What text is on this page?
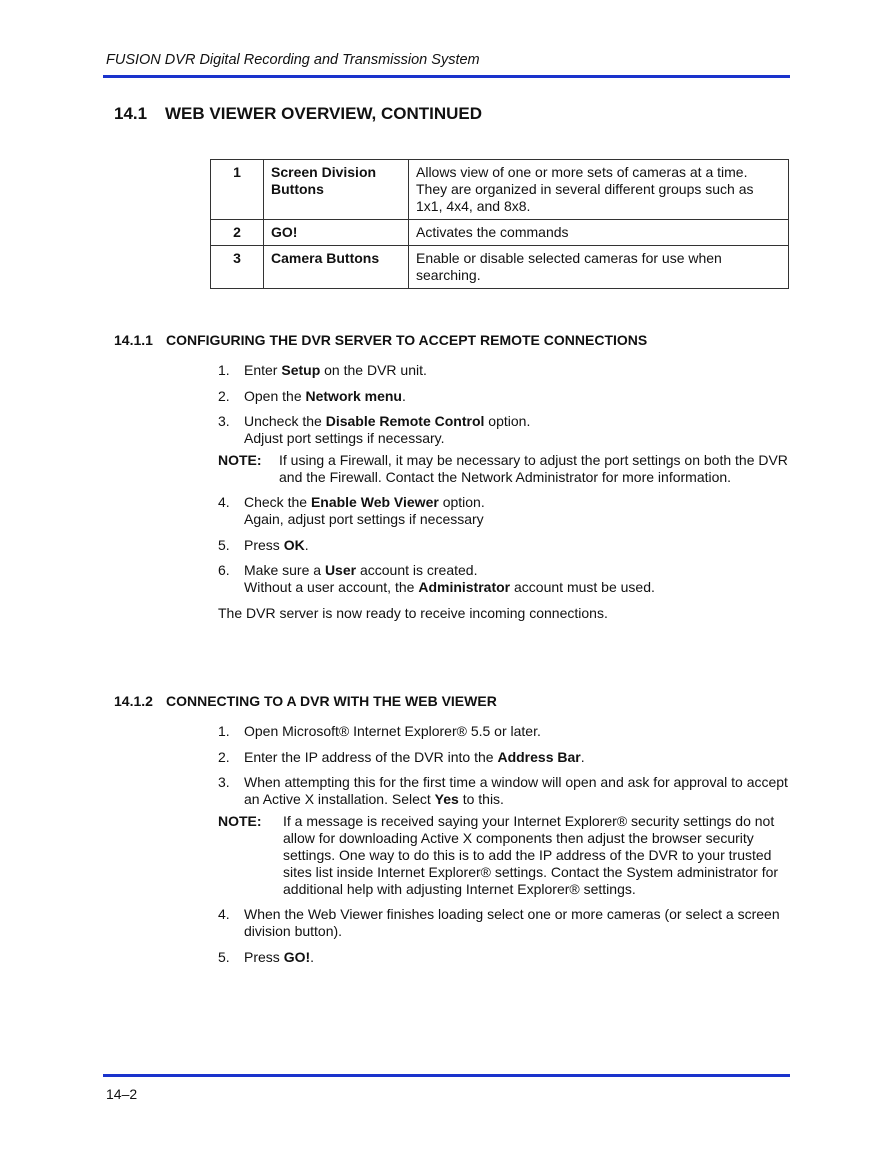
FUSION DVR Digital Recording and Transmission System
14.1 WEB VIEWER OVERVIEW, CONTINUED
1	Screen Division Buttons	Allows view of one or more sets of cameras at a time. They are organized in several different groups such as 1x1, 4x4, and 8x8.
2	GO!	Activates the commands
3	Camera Buttons	Enable or disable selected cameras for use when searching.
14.1.1 CONFIGURING THE DVR SERVER TO ACCEPT REMOTE CONNECTIONS
1.	Enter Setup on the DVR unit.
2.	Open the Network menu.
3.	Uncheck the Disable Remote Control option.
Adjust port settings if necessary.
NOTE:	If using a Firewall, it may be necessary to adjust the port settings on both the DVR and the Firewall. Contact the Network Administrator for more information.
4.	Check the Enable Web Viewer option.
Again, adjust port settings if necessary
5.	Press OK.
6.	Make sure a User account is created.
Without a user account, the Administrator account must be used.
The DVR server is now ready to receive incoming connections.
14.1.2 CONNECTING TO A DVR WITH THE WEB VIEWER
1.	Open Microsoft® Internet Explorer® 5.5 or later.
2.	Enter the IP address of the DVR into the Address Bar.
3.	When attempting this for the first time a window will open and ask for approval to accept an Active X installation. Select Yes to this.
NOTE:	If a message is received saying your Internet Explorer® security settings do not allow for downloading Active X components then adjust the browser security settings. One way to do this is to add the IP address of the DVR to your trusted sites list inside Internet Explorer® settings. Contact the System administrator for additional help with adjusting Internet Explorer® settings.
4.	When the Web Viewer finishes loading select one or more cameras (or select a screen division button).
5.	Press GO!.
14–2
